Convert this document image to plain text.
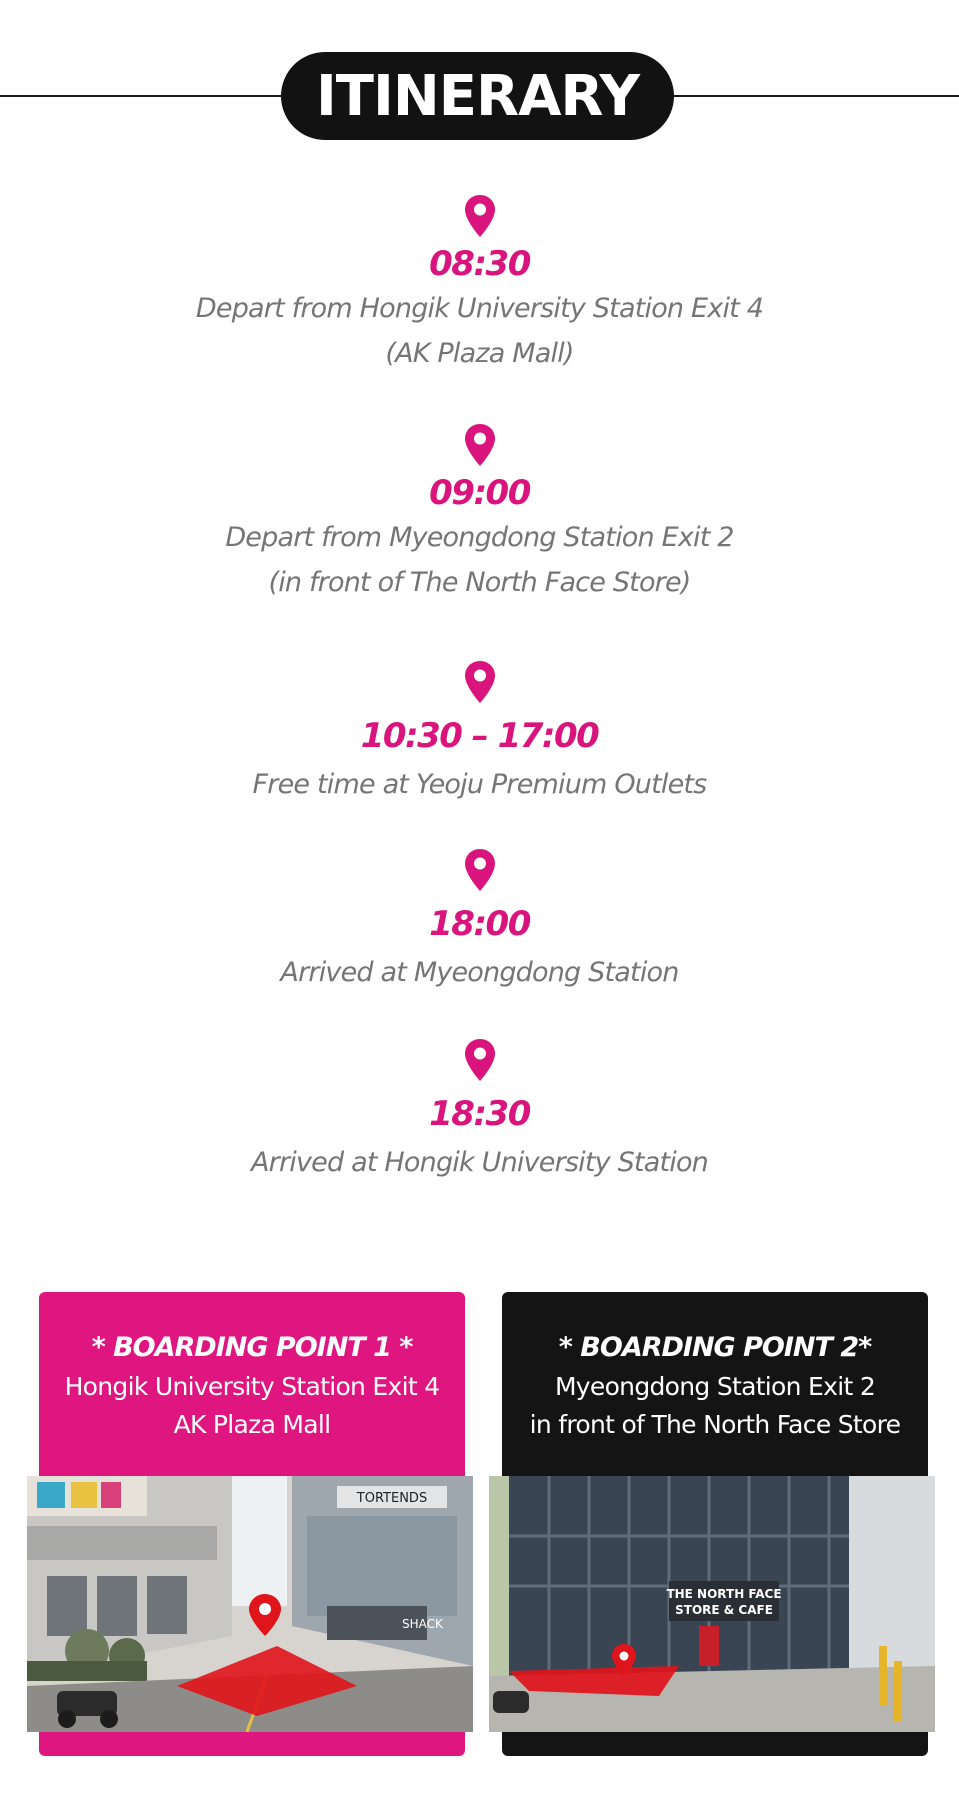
ITINERARY
08:30
Depart from Hongik University Station Exit 4
(AK Plaza Mall)
09:00
Depart from Myeongdong Station Exit 2
(in front of The North Face Store)
10:30 – 17:00
Free time at Yeoju Premium Outlets
18:00
Arrived at Myeongdong Station
18:30
Arrived at Hongik University Station
* BOARDING POINT 1 *
Hongik University Station Exit 4
AK Plaza Mall
TORTENDS
SHACK
* BOARDING POINT 2*
Myeongdong Station Exit 2
in front of The North Face Store
THE NORTH FACE
STORE & CAFE
